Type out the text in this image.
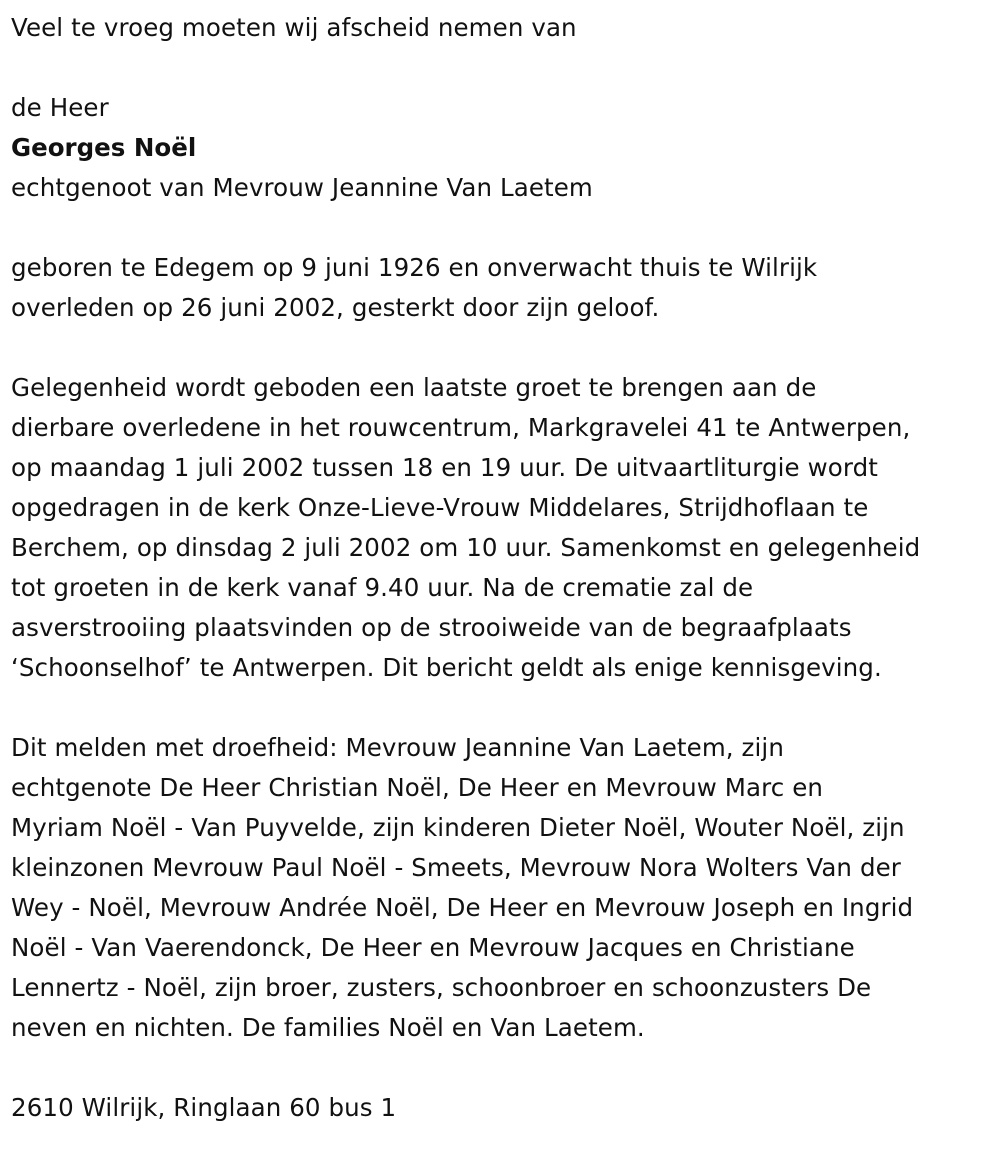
Veel te vroeg moeten wij afscheid nemen van
de Heer
Georges Noël
echtgenoot van Mevrouw Jeannine Van Laetem
geboren te Edegem op 9 juni 1926 en onverwacht thuis te Wilrijk
overleden op 26 juni 2002, gesterkt door zijn geloof.
Gelegenheid wordt geboden een laatste groet te brengen aan de
dierbare overledene in het rouwcentrum, Markgravelei 41 te Antwerpen,
op maandag 1 juli 2002 tussen 18 en 19 uur. De uitvaartliturgie wordt
opgedragen in de kerk Onze-Lieve-Vrouw Middelares, Strijdhoflaan te
Berchem, op dinsdag 2 juli 2002 om 10 uur. Samenkomst en gelegenheid
tot groeten in de kerk vanaf 9.40 uur. Na de crematie zal de
asverstrooiing plaatsvinden op de strooiweide van de begraafplaats
‘Schoonselhof’ te Antwerpen. Dit bericht geldt als enige kennisgeving.
Dit melden met droefheid: Mevrouw Jeannine Van Laetem, zijn
echtgenote De Heer Christian Noël, De Heer en Mevrouw Marc en
Myriam Noël - Van Puyvelde, zijn kinderen Dieter Noël, Wouter Noël, zijn
kleinzonen Mevrouw Paul Noël - Smeets, Mevrouw Nora Wolters Van der
Wey - Noël, Mevrouw Andrée Noël, De Heer en Mevrouw Joseph en Ingrid
Noël - Van Vaerendonck, De Heer en Mevrouw Jacques en Christiane
Lennertz - Noël, zijn broer, zusters, schoonbroer en schoonzusters De
neven en nichten. De families Noël en Van Laetem.
2610 Wilrijk, Ringlaan 60 bus 1
